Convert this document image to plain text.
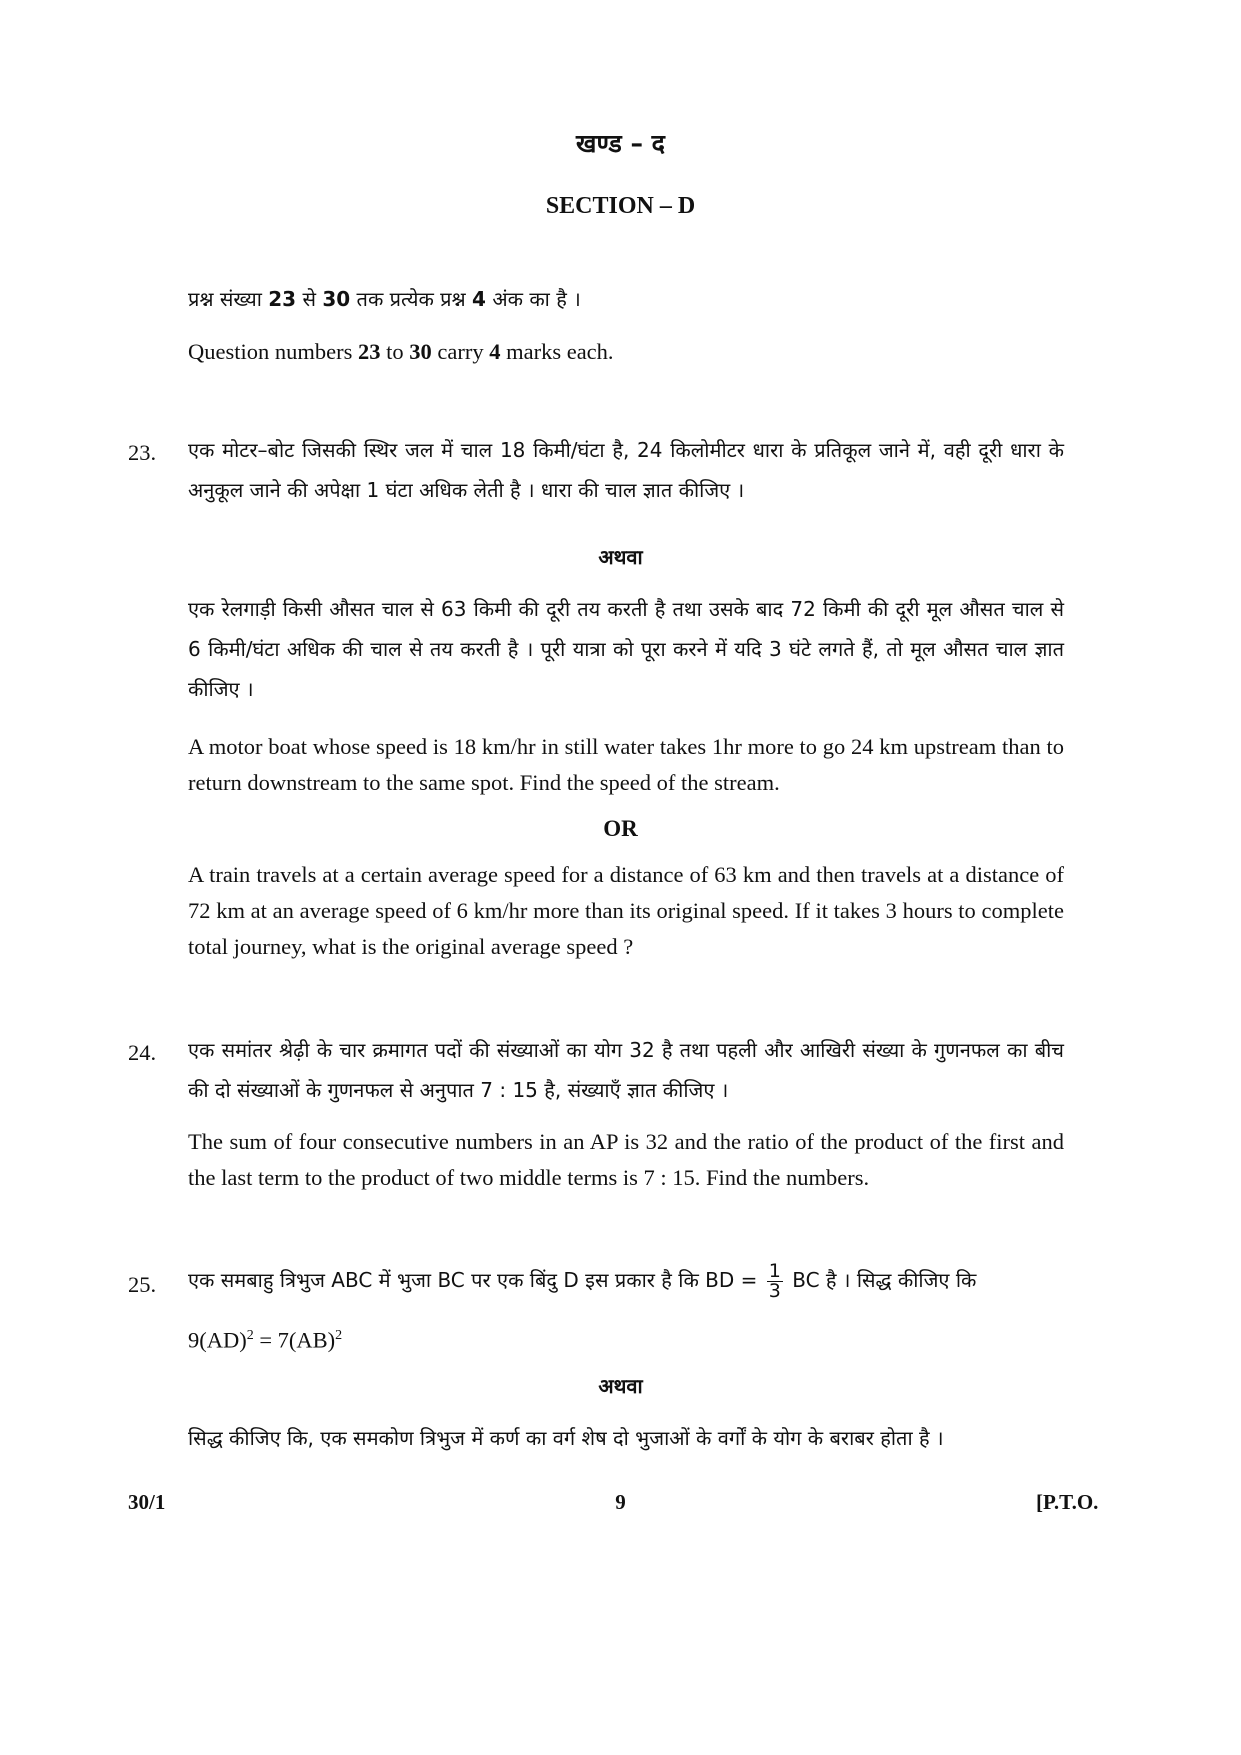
खण्ड – द
SECTION – D
प्रश्न संख्या 23 से 30 तक प्रत्येक प्रश्न 4 अंक का है ।
Question numbers 23 to 30 carry 4 marks each.
23. एक मोटर–बोट जिसकी स्थिर जल में चाल 18 किमी/घंटा है, 24 किलोमीटर धारा के प्रतिकूल जाने में, वही दूरी धारा के अनुकूल जाने की अपेक्षा 1 घंटा अधिक लेती है । धारा की चाल ज्ञात कीजिए ।
अथवा
एक रेलगाड़ी किसी औसत चाल से 63 किमी की दूरी तय करती है तथा उसके बाद 72 किमी की दूरी मूल औसत चाल से 6 किमी/घंटा अधिक की चाल से तय करती है । पूरी यात्रा को पूरा करने में यदि 3 घंटे लगते हैं, तो मूल औसत चाल ज्ञात कीजिए ।
A motor boat whose speed is 18 km/hr in still water takes 1hr more to go 24 km upstream than to return downstream to the same spot. Find the speed of the stream.
OR
A train travels at a certain average speed for a distance of 63 km and then travels at a distance of 72 km at an average speed of 6 km/hr more than its original speed. If it takes 3 hours to complete total journey, what is the original average speed ?
24. एक समांतर श्रेढ़ी के चार क्रमागत पदों की संख्याओं का योग 32 है तथा पहली और आखिरी संख्या के गुणनफल का बीच की दो संख्याओं के गुणनफल से अनुपात 7 : 15 है, संख्याएँ ज्ञात कीजिए ।
The sum of four consecutive numbers in an AP is 32 and the ratio of the product of the first and the last term to the product of two middle terms is 7 : 15. Find the numbers.
25. एक समबाहु त्रिभुज ABC में भुजा BC पर एक बिंदु D इस प्रकार है कि BD = $\frac{1}{3}$ BC है । सिद्ध कीजिए कि
9(AD)$^2$ = 7(AB)$^2$
अथवा
सिद्ध कीजिए कि, एक समकोण त्रिभुज में कर्ण का वर्ग शेष दो भुजाओं के वर्गों के योग के बराबर होता है ।
30/1	9	[P.T.O.
